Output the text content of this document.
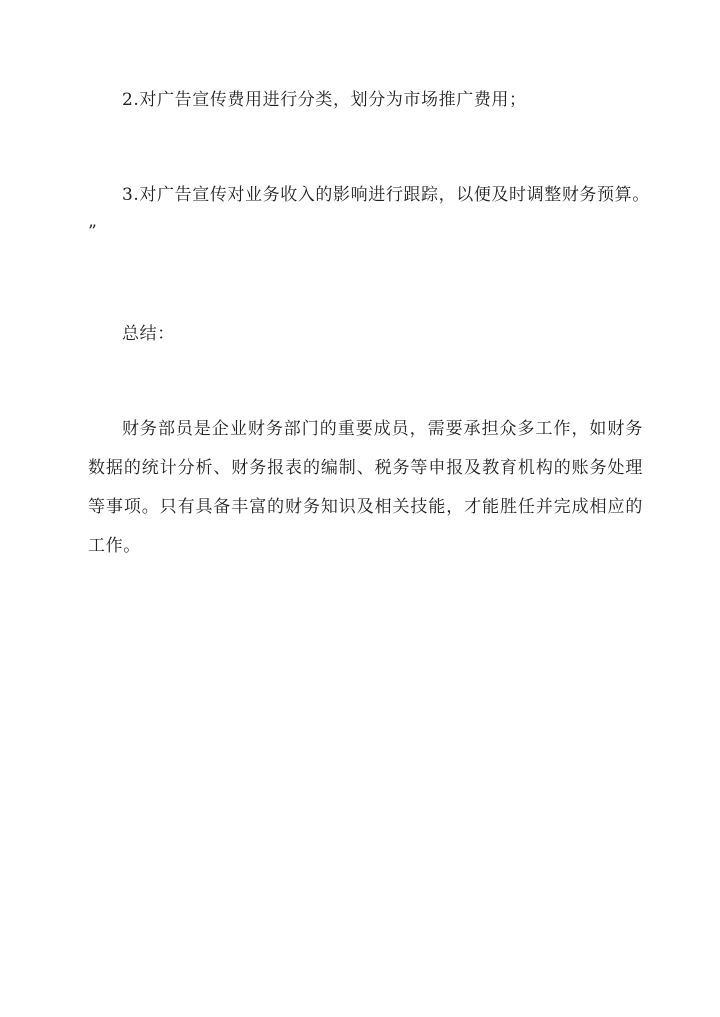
2.对广告宣传费用进行分类，划分为市场推广费用；
3.对广告宣传对业务收入的影响进行跟踪，以便及时调整财务预算。
”
总结：
财务部员是企业财务部门的重要成员，需要承担众多工作，如财务数据的统计分析、财务报表的编制、税务等申报及教育机构的账务处理等事项。只有具备丰富的财务知识及相关技能，才能胜任并完成相应的工作。
